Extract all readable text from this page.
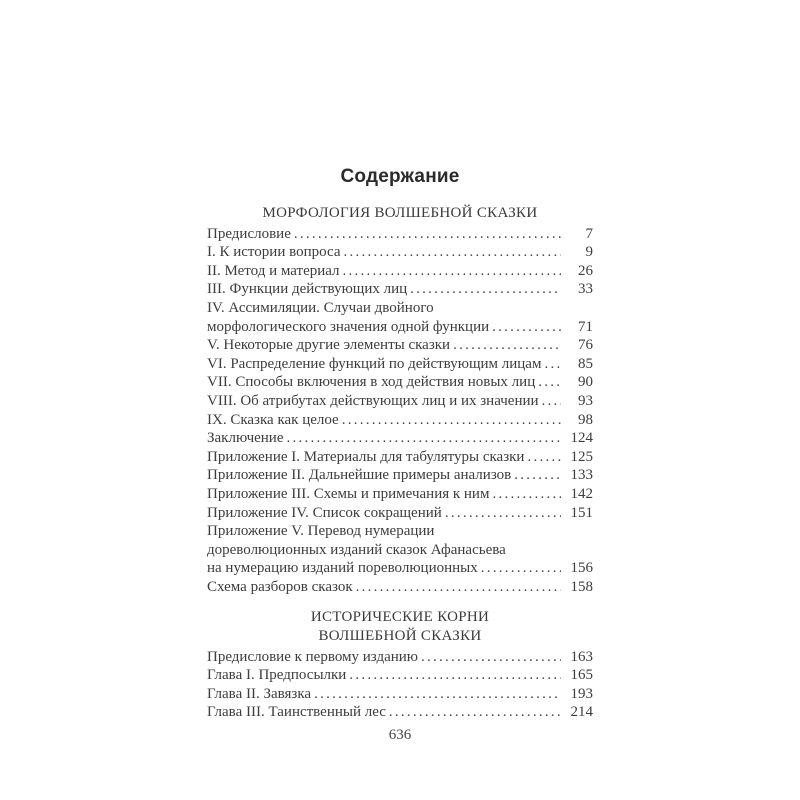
Содержание
МОРФОЛОГИЯ ВОЛШЕБНОЙ СКАЗКИ
Предисловие .....	7
I. К истории вопроса .....	9
II. Метод и материал .....	26
III. Функции действующих лиц .....	33
IV. Ассимиляции. Случаи двойного
морфологического значения одной функции .....	71
V. Некоторые другие элементы сказки .....	76
VI. Распределение функций по действующим лицам .....	85
VII. Способы включения в ход действия новых лиц .....	90
VIII. Об атрибутах действующих лиц и их значении .....	93
IX. Сказка как целое .....	98
Заключение .....	124
Приложение I. Материалы для табулятуры сказки .....	125
Приложение II. Дальнейшие примеры анализов .....	133
Приложение III. Схемы и примечания к ним .....	142
Приложение IV. Список сокращений .....	151
Приложение V. Перевод нумерации
дореволюционных изданий сказок Афанасьева
на нумерацию изданий пореволюционных .....	156
Схема разборов сказок .....	158
ИСТОРИЧЕСКИЕ КОРНИ
ВОЛШЕБНОЙ СКАЗКИ
Предисловие к первому изданию .....	163
Глава I. Предпосылки .....	165
Глава II. Завязка .....	193
Глава III. Таинственный лес .....	214
636
